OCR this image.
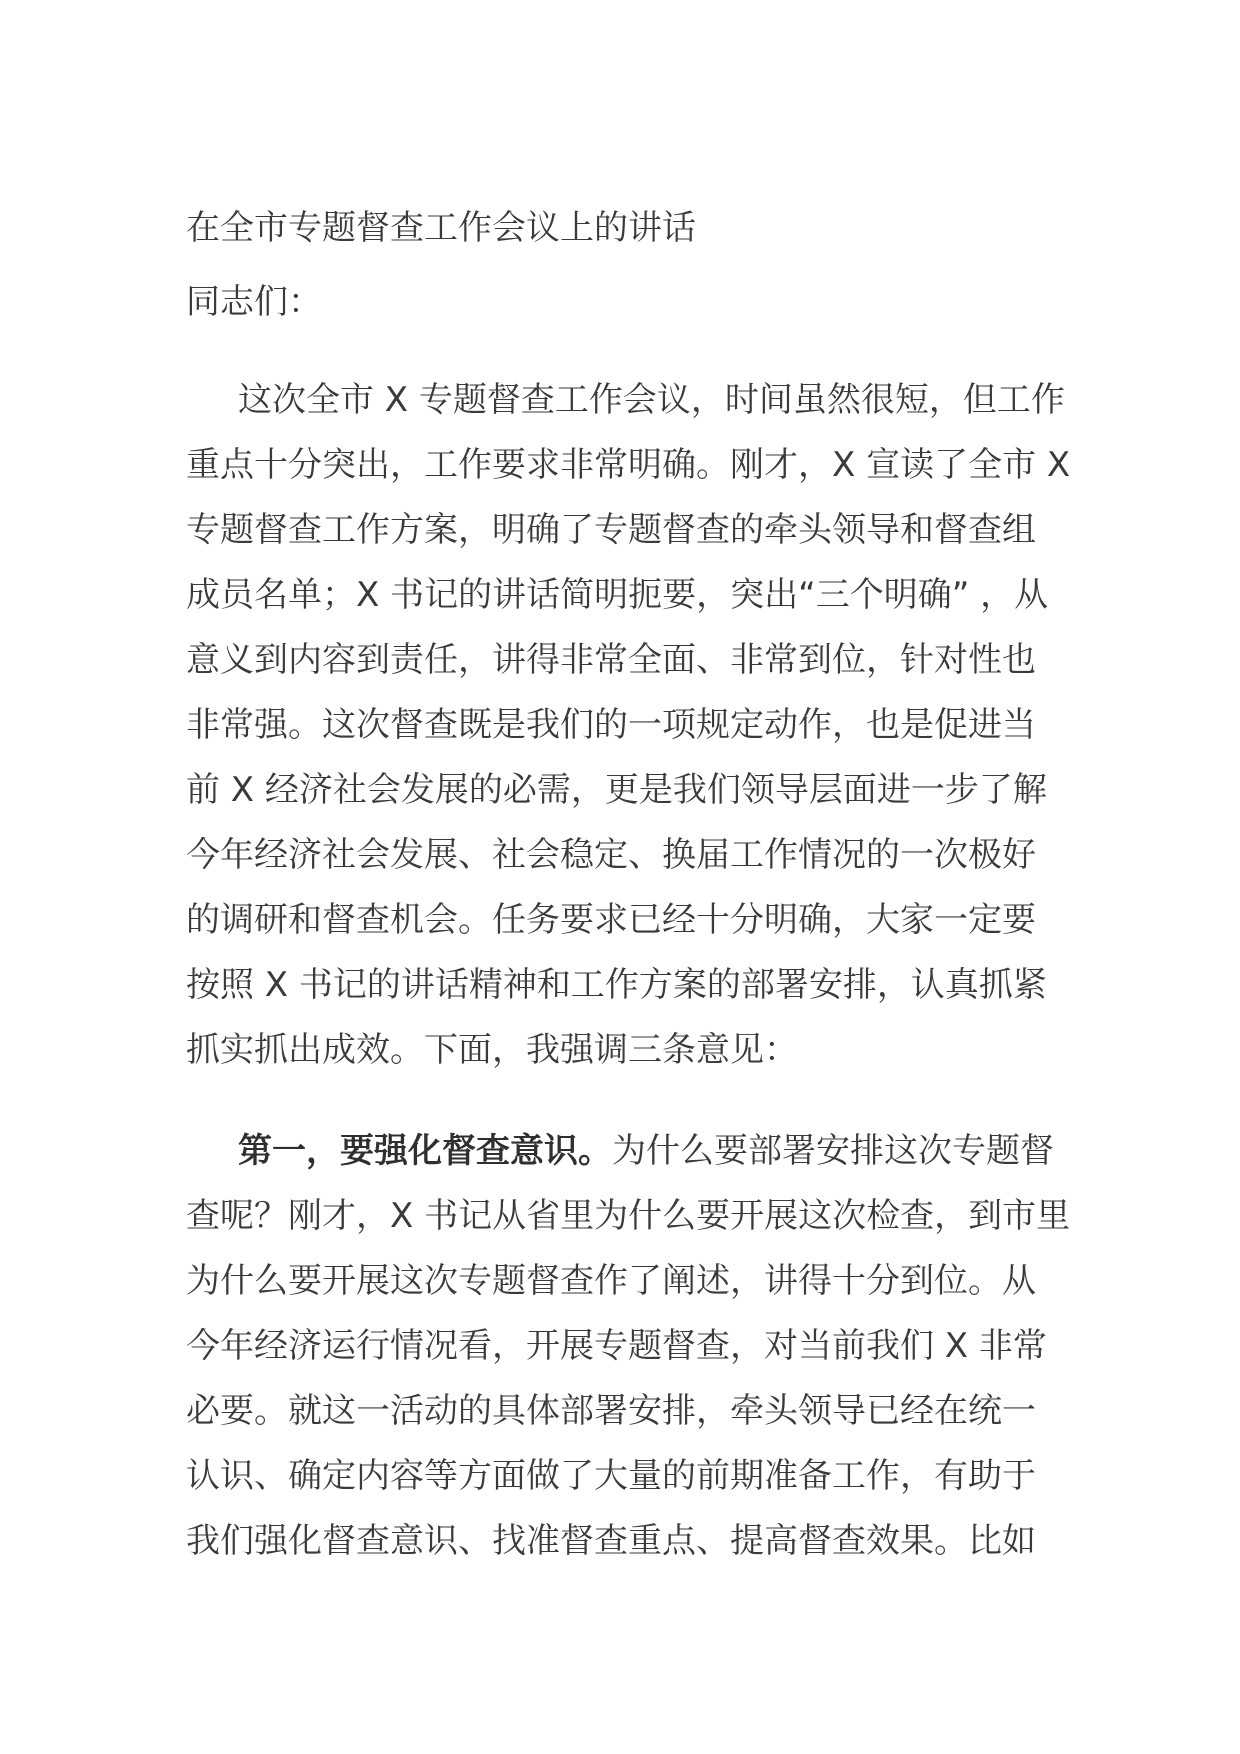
在全市专题督查工作会议上的讲话

同志们：

这次全市 X 专题督查工作会议，时间虽然很短，但工作
重点十分突出，工作要求非常明确。刚才，X 宣读了全市 X
专题督查工作方案，明确了专题督查的牵头领导和督查组
成员名单；X 书记的讲话简明扼要，突出“三个明确” ，从
意义到内容到责任，讲得非常全面、非常到位，针对性也
非常强。这次督查既是我们的一项规定动作，也是促进当
前 X 经济社会发展的必需，更是我们领导层面进一步了解
今年经济社会发展、社会稳定、换届工作情况的一次极好
的调研和督查机会。任务要求已经十分明确，大家一定要
按照 X 书记的讲话精神和工作方案的部署安排，认真抓紧
抓实抓出成效。下面，我强调三条意见：
第一，要强化督查意识。为什么要部署安排这次专题督
查呢？刚才，X 书记从省里为什么要开展这次检查，到市里
为什么要开展这次专题督查作了阐述，讲得十分到位。从
今年经济运行情况看，开展专题督查，对当前我们 X 非常
必要。就这一活动的具体部署安排，牵头领导已经在统一
认识、确定内容等方面做了大量的前期准备工作，有助于
我们强化督查意识、找准督查重点、提高督查效果。比如
